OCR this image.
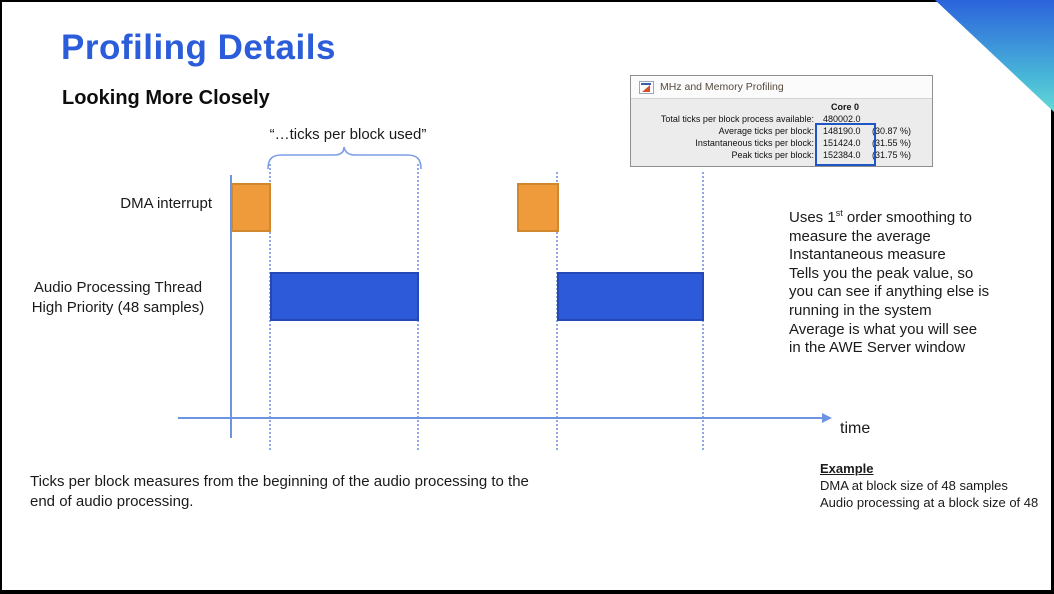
Profiling Details
Looking More Closely	MHz and Memory Profiling
Core 0
Total ticks per block process available: 480002.0
Average ticks per block: 148190.0	(30.87 %)
Instantaneous ticks per block: 151424.0	(31.55 %)
Peak ticks per block: 152384.0	(31.75 %)
“…ticks per block used”
DMA interrupt
Audio Processing Thread
High Priority (48 samples)
time
Uses 1st order smoothing to
measure the average
Instantaneous measure
Tells you the peak value, so
you can see if anything else is
running in the system
Average is what you will see
in the AWE Server window
Ticks per block measures from the beginning of the audio processing to the
end of audio processing.
Example
DMA at block size of 48 samples
Audio processing at a block size of 48
